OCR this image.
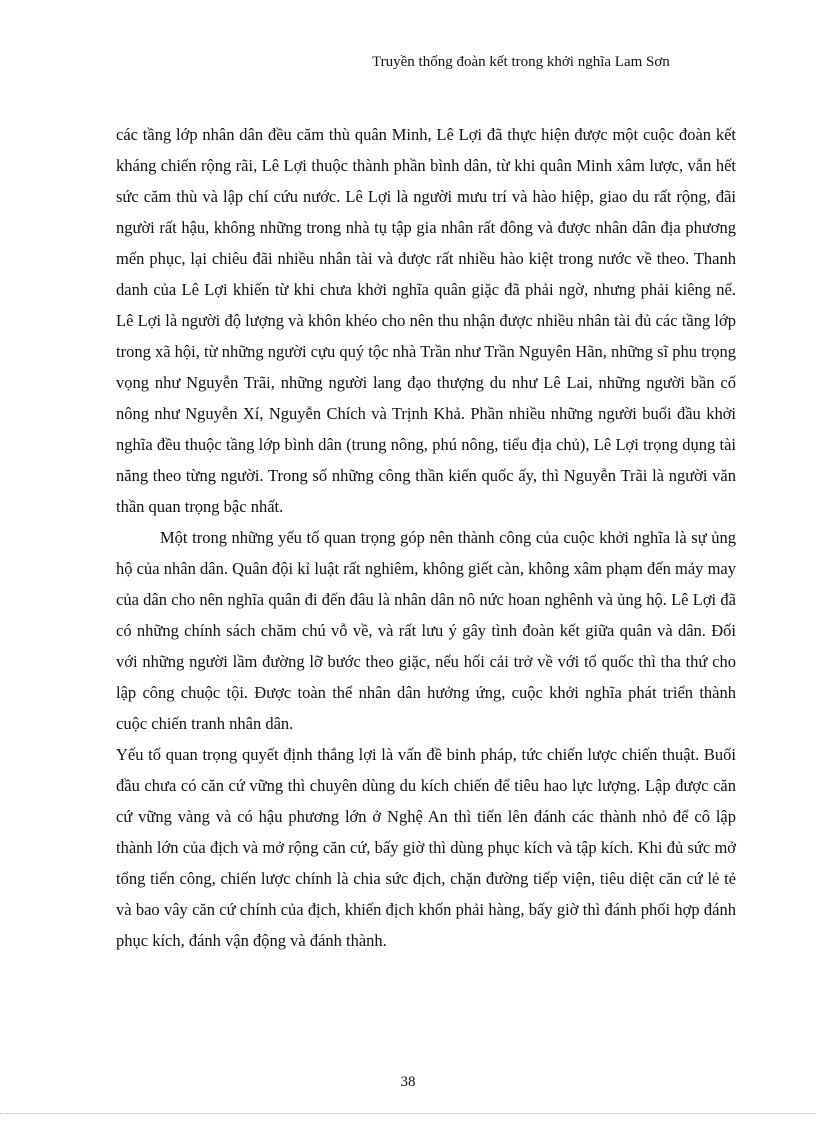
Truyền thống đoàn kết trong khởi nghĩa Lam Sơn

các tầng lớp nhân dân đều căm thù quân Minh, Lê Lợi đã thực hiện được một cuộc đoàn kết kháng chiến rộng rãi, Lê Lợi thuộc thành phần bình dân, từ khi quân Minh xâm lược, vẫn hết sức căm thù và lập chí cứu nước. Lê Lợi là người mưu trí và hào hiệp, giao du rất rộng, đãi người rất hậu, không những trong nhà tụ tập gia nhân rất đông và được nhân dân địa phương mến phục, lại chiêu đãi nhiều nhân tài và được rất nhiều hào kiệt trong nước về theo. Thanh danh của Lê Lợi khiến từ khi chưa khởi nghĩa quân giặc đã phải ngờ, nhưng phải kiêng nể. Lê Lợi là người độ lượng và khôn khéo cho nên thu nhận được nhiều nhân tài đủ các tầng lớp trong xã hội, từ những người cựu quý tộc nhà Trần như Trần Nguyên Hãn, những sĩ phu trọng vọng như Nguyễn Trãi, những người lang đạo thượng du như Lê Lai, những người bần cố nông như Nguyễn Xí, Nguyễn Chích và Trịnh Khả. Phần nhiều những người buổi đầu khởi nghĩa đều thuộc tầng lớp bình dân (trung nông, phú nông, tiểu địa chủ), Lê Lợi trọng dụng tài năng theo từng người. Trong số những công thần kiến quốc ấy, thì Nguyễn Trãi là người văn thần quan trọng bậc nhất.

Một trong những yếu tố quan trọng góp nên thành công của cuộc khởi nghĩa là sự ủng hộ của nhân dân. Quân đội kỉ luật rất nghiêm, không giết càn, không xâm phạm đến mảy may của dân cho nên nghĩa quân đi đến đâu là nhân dân nô nức hoan nghênh và ủng hộ. Lê Lợi đã có những chính sách chăm chú vỗ về, và rất lưu ý gây tình đoàn kết giữa quân và dân. Đối với những người lầm đường lỡ bước theo giặc, nếu hối cải trở về với tổ quốc thì tha thứ cho lập công chuộc tội. Được toàn thể nhân dân hưởng ứng, cuộc khởi nghĩa phát triển thành cuộc chiến tranh nhân dân.

Yếu tố quan trọng quyết định thắng lợi là vấn đề binh pháp, tức chiến lược chiến thuật. Buổi đầu chưa có căn cứ vững thì chuyên dùng du kích chiến để tiêu hao lực lượng. Lập được căn cứ vững vàng và có hậu phương lớn ở Nghệ An thì tiến lên đánh các thành nhỏ để cô lập thành lớn của địch và mở rộng căn cứ, bấy giờ thì dùng phục kích và tập kích. Khi đủ sức mở tổng tiến công, chiến lược chính là chia sức địch, chặn đường tiếp viện, tiêu diệt căn cứ lẻ tẻ và bao vây căn cứ chính của địch, khiến địch khốn phải hàng, bấy giờ thì đánh phối hợp đánh phục kích, đánh vận động và đánh thành.

38
